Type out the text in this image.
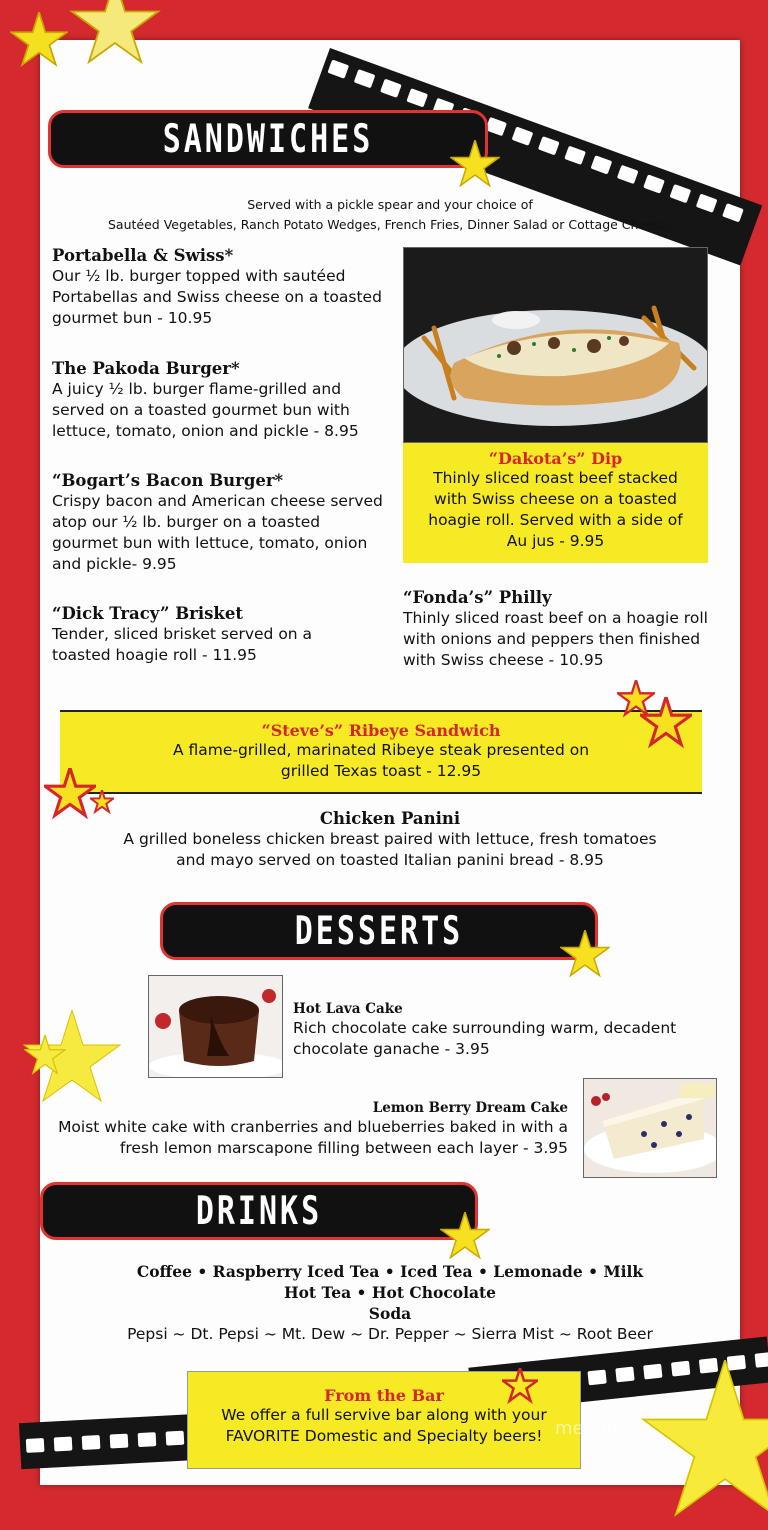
SANDWICHES
Served with a pickle spear and your choice of
Sautéed Vegetables, Ranch Potato Wedges, French Fries, Dinner Salad or Cottage Cheese.
Portabella & Swiss*
Our ½ lb. burger topped with sautéed Portabellas and Swiss cheese on a toasted gourmet bun - 10.95
The Pakoda Burger*
A juicy ½ lb. burger flame-grilled and served on a toasted gourmet bun with lettuce, tomato, onion and pickle - 8.95
“Bogart’s Bacon Burger*
Crispy bacon and American cheese served atop our ½ lb. burger on a toasted gourmet bun with lettuce, tomato, onion and pickle- 9.95
“Dick Tracy” Brisket
Tender, sliced brisket served on a toasted hoagie roll - 11.95
“Dakota’s” Dip
Thinly sliced roast beef stacked with Swiss cheese on a toasted hoagie roll. Served with a side of Au jus - 9.95
“Fonda’s” Philly
Thinly sliced roast beef on a hoagie roll with onions and peppers then finished with Swiss cheese - 10.95
“Steve’s” Ribeye Sandwich
A flame-grilled, marinated Ribeye steak presented on
grilled Texas toast - 12.95
Chicken Panini
A grilled boneless chicken breast paired with lettuce, fresh tomatoes
and mayo served on toasted Italian panini bread - 8.95
DESSERTS
Hot Lava Cake
Rich chocolate cake surrounding warm, decadent
chocolate ganache - 3.95
Lemon Berry Dream Cake
Moist white cake with cranberries and blueberries baked in with a
fresh lemon marscapone filling between each layer - 3.95
DRINKS
Coffee • Raspberry Iced Tea • Iced Tea • Lemonade • Milk
Hot Tea • Hot Chocolate
Soda
Pepsi ~ Dt. Pepsi ~ Mt. Dew ~ Dr. Pepper ~ Sierra Mist ~ Root Beer
From the Bar
We offer a full servive bar along with your
FAVORITE Domestic and Specialty beers! menupix
